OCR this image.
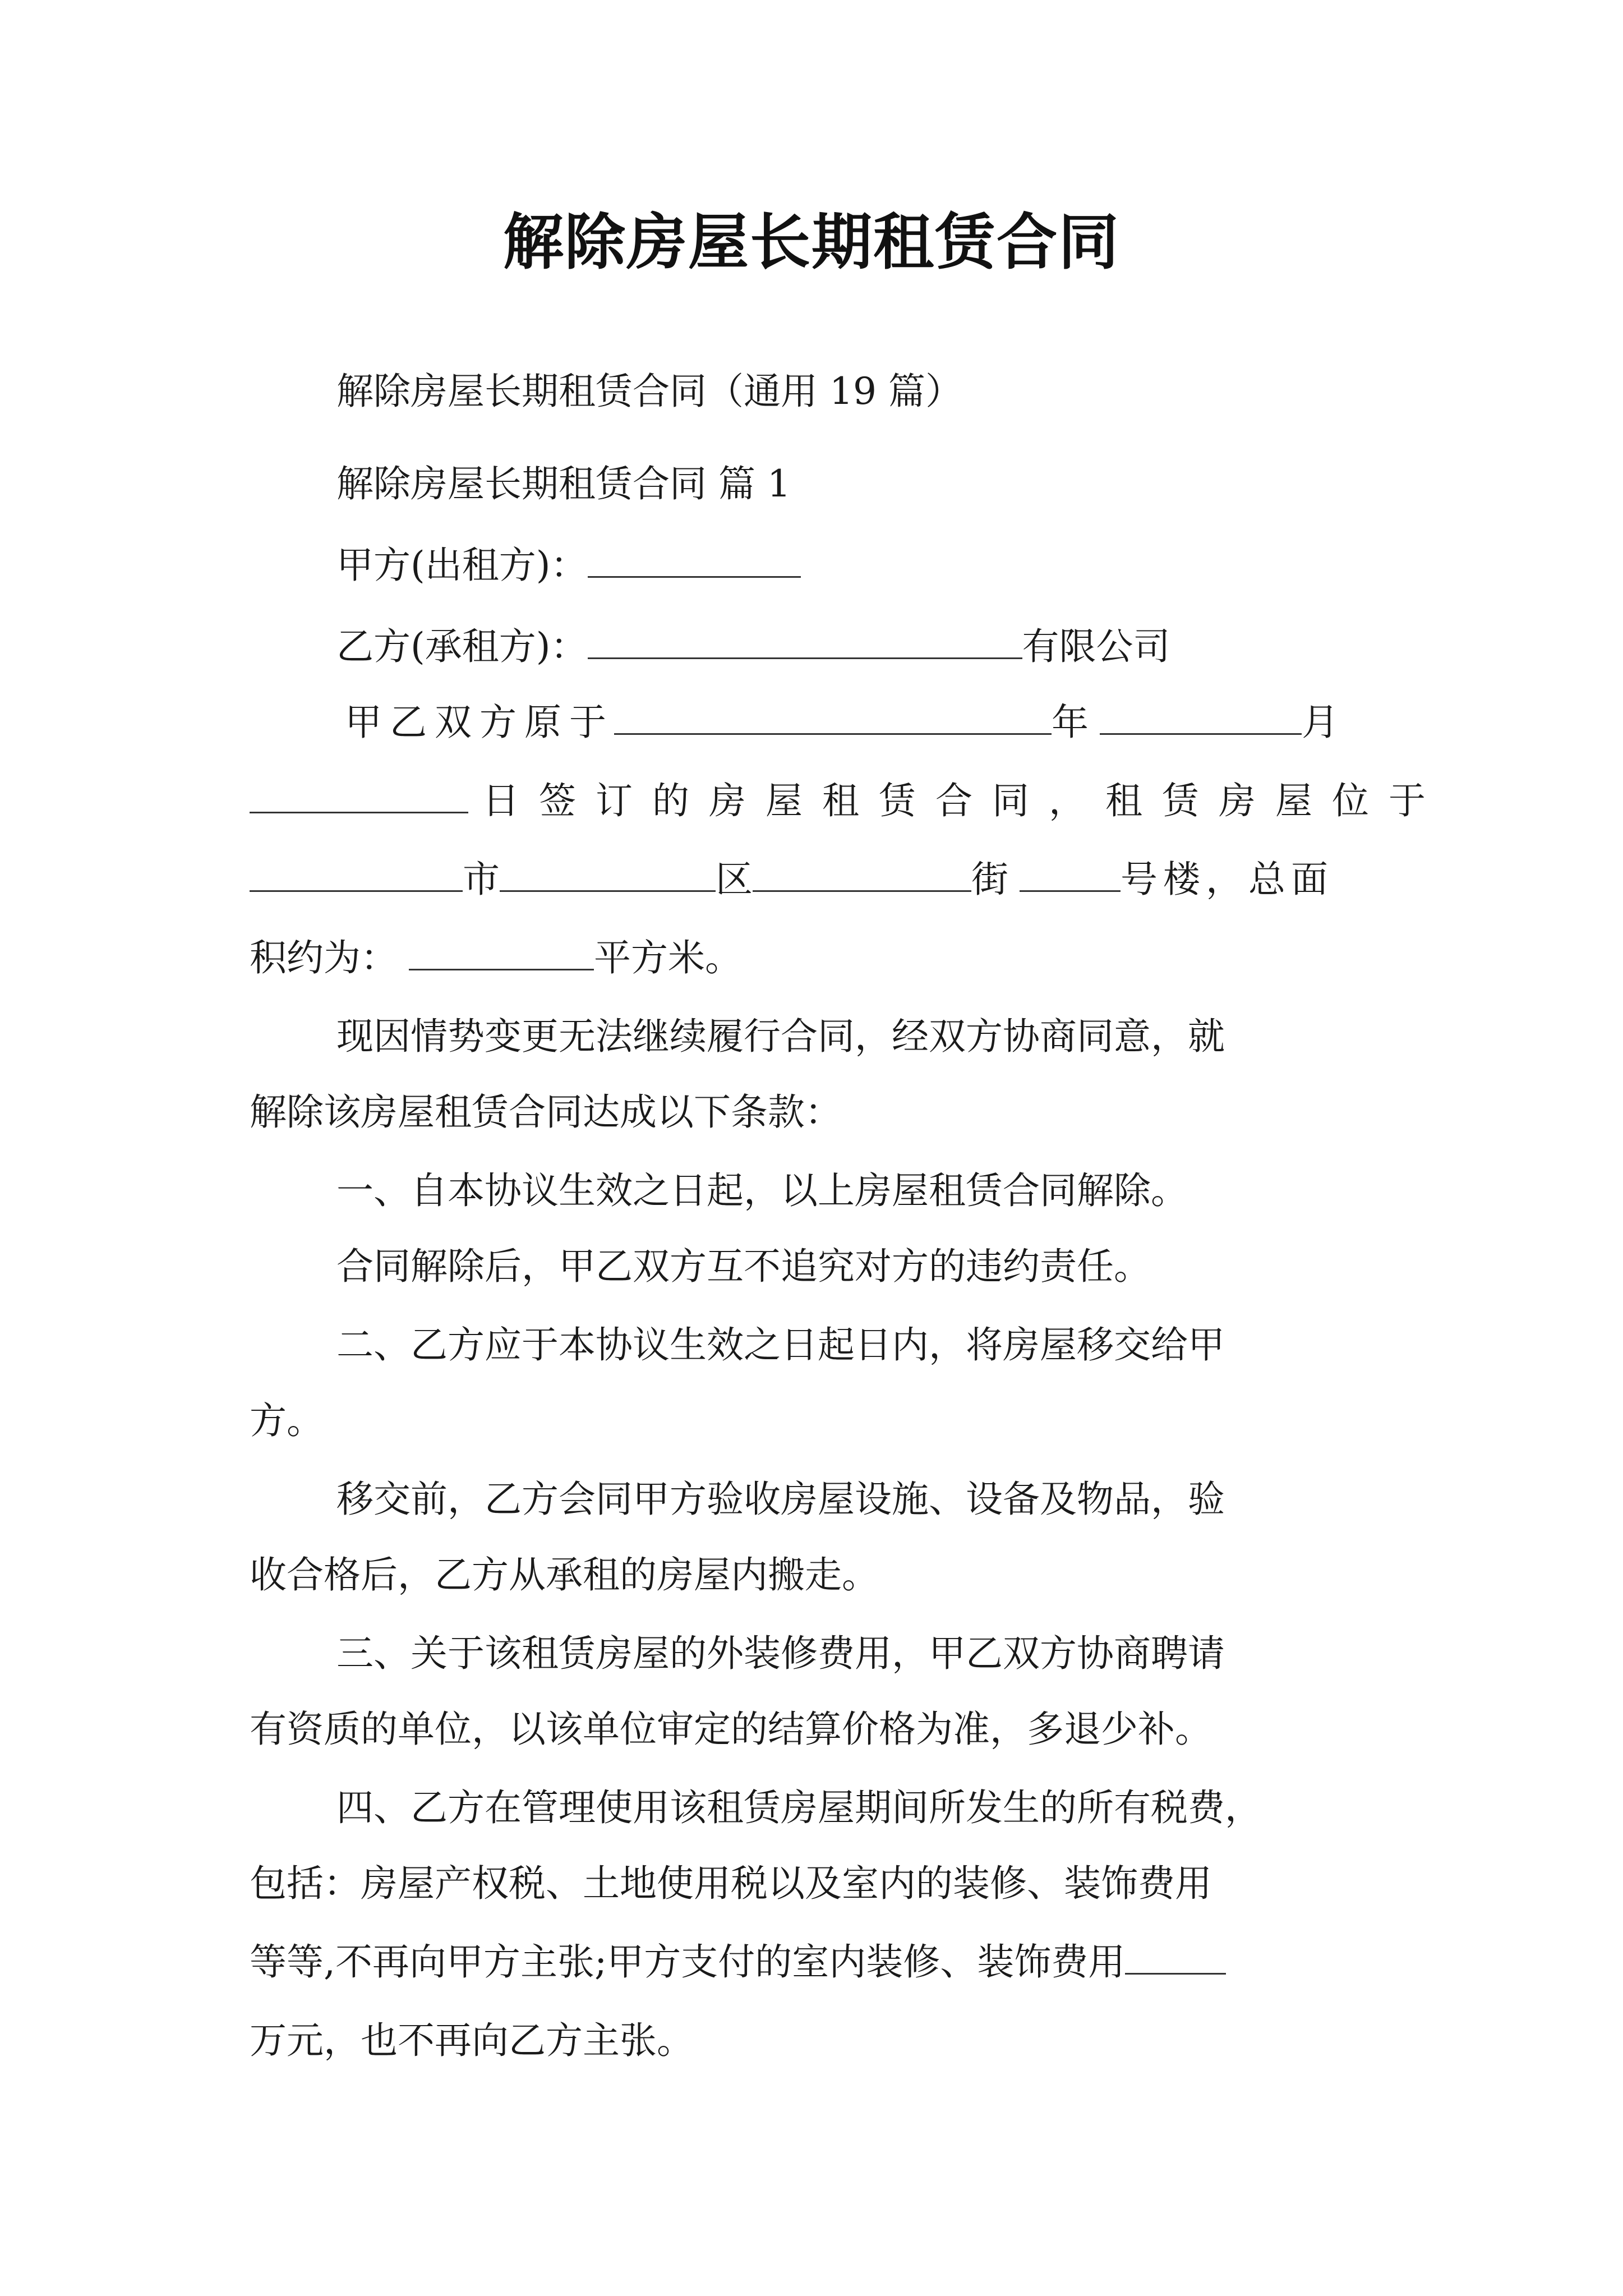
解除房屋长期租赁合同
解除房屋长期租赁合同（通用 19 篇）
解除房屋长期租赁合同 篇 1
甲方(出租方)：
乙方(承租方)：	有限公司
甲乙双方原于	年	月
日签订的房屋租赁合同，租赁房屋位于
市	区	街	号楼，总面
积约为：	平方米。
现因情势变更无法继续履行合同，经双方协商同意，就
解除该房屋租赁合同达成以下条款：
一、自本协议生效之日起，以上房屋租赁合同解除。
合同解除后，甲乙双方互不追究对方的违约责任。
二、乙方应于本协议生效之日起日内，将房屋移交给甲
方。
移交前，乙方会同甲方验收房屋设施、设备及物品，验
收合格后，乙方从承租的房屋内搬走。
三、关于该租赁房屋的外装修费用，甲乙双方协商聘请
有资质的单位，以该单位审定的结算价格为准，多退少补。
四、乙方在管理使用该租赁房屋期间所发生的所有税费，
包括：房屋产权税、土地使用税以及室内的装修、装饰费用
等等,不再向甲方主张;甲方支付的室内装修、装饰费用
万元，也不再向乙方主张。
